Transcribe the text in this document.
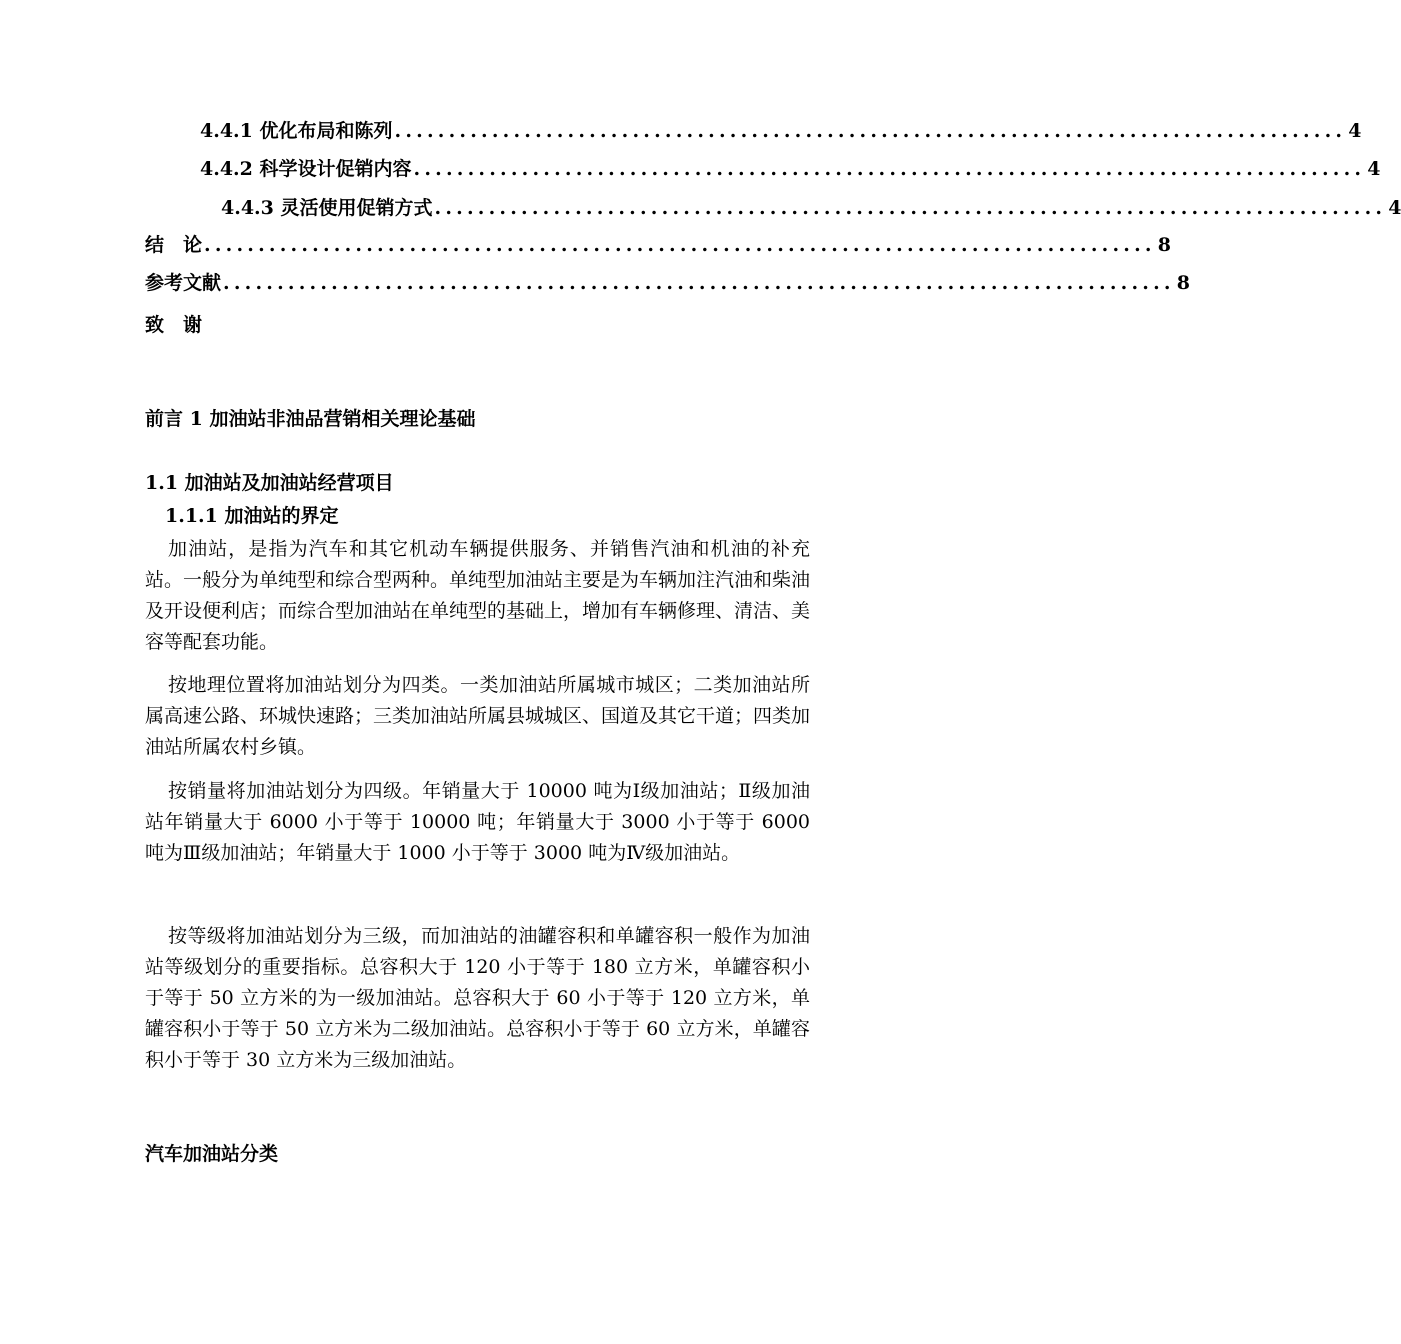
4.4.1 优化布局和陈列 ........................................................................................ 4
4.4.2 科学设计促销内容 ........................................................................................ 4
4.4.3 灵活使用促销方式 ........................................................................................ 4
结　论 ........................................................................................ 8
参考文献 ........................................................................................ 8
致　谢
前言 1 加油站非油品营销相关理论基础
1.1 加油站及加油站经营项目
1.1.1 加油站的界定

加油站，是指为汽车和其它机动车辆提供服务、并销售汽油和机油的补充站。一般分为单纯型和综合型两种。单纯型加油站主要是为车辆加注汽油和柴油及开设便利店；而综合型加油站在单纯型的基础上，增加有车辆修理、清洁、美容等配套功能。

按地理位置将加油站划分为四类。一类加油站所属城市城区；二类加油站所属高速公路、环城快速路；三类加油站所属县城城区、国道及其它干道；四类加油站所属农村乡镇。

按销量将加油站划分为四级。年销量大于 10000 吨为Ⅰ级加油站；Ⅱ级加油站年销量大于 6000 小于等于 10000 吨；年销量大于 3000 小于等于 6000 吨为Ⅲ级加油站；年销量大于 1000 小于等于 3000 吨为Ⅳ级加油站。

按等级将加油站划分为三级，而加油站的油罐容积和单罐容积一般作为加油站等级划分的重要指标。总容积大于 120 小于等于 180 立方米，单罐容积小于等于 50 立方米的为一级加油站。总容积大于 60 小于等于 120 立方米，单罐容积小于等于 50 立方米为二级加油站。总容积小于等于 60 立方米，单罐容积小于等于 30 立方米为三级加油站。

汽车加油站分类
